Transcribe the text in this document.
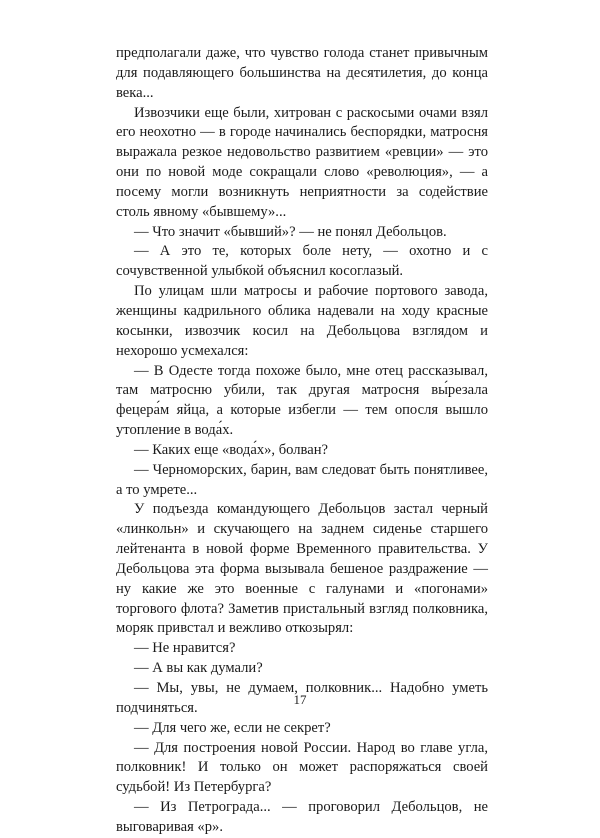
предполагали даже, что чувство голода станет привычным для подавляющего большинства на десятилетия, до конца века...

Извозчики еще были, хитрован с раскосыми очами взял его неохотно — в городе начинались беспорядки, матросня выражала резкое недовольство развитием «ревции» — это они по новой моде сокращали слово «революция», — а посему могли возникнуть неприятности за содействие столь явному «бывшему»...

— Что значит «бывший»? — не понял Дебольцов.

— А это те, которых боле нету, — охотно и с сочувственной улыбкой объяснил косоглазый.

По улицам шли матросы и рабочие портового завода, женщины кадрильного облика надевали на ходу красные косынки, извозчик косил на Дебольцова взглядом и нехорошо усмехался:

— В Одесте тогда похоже было, мне отец рассказывал, там матросню убили, так другая матросня вы́резала фецера́м яйца, а которые избегли — тем опосля вышло утопление в вода́х.

— Каких еще «вода́х», болван?

— Черноморских, барин, вам следоват быть понятливее, а то умрете...

У подъезда командующего Дебольцов застал черный «линкольн» и скучающего на заднем сиденье старшего лейтенанта в новой форме Временного правительства. У Дебольцова эта форма вызывала бешеное раздражение — ну какие же это военные с галунами и «погонами» торгового флота? Заметив пристальный взгляд полковника, моряк привстал и вежливо откозырял:

— Не нравится?

— А вы как думали?

— Мы, увы, не думаем, полковник... Надобно уметь подчиняться.

— Для чего же, если не секрет?

— Для построения новой России. Народ во главе угла, полковник! И только он может распоряжаться своей судьбой! Из Петербурга?

— Из Петрограда... — проговорил Дебольцов, не выговаривая «р».

17
